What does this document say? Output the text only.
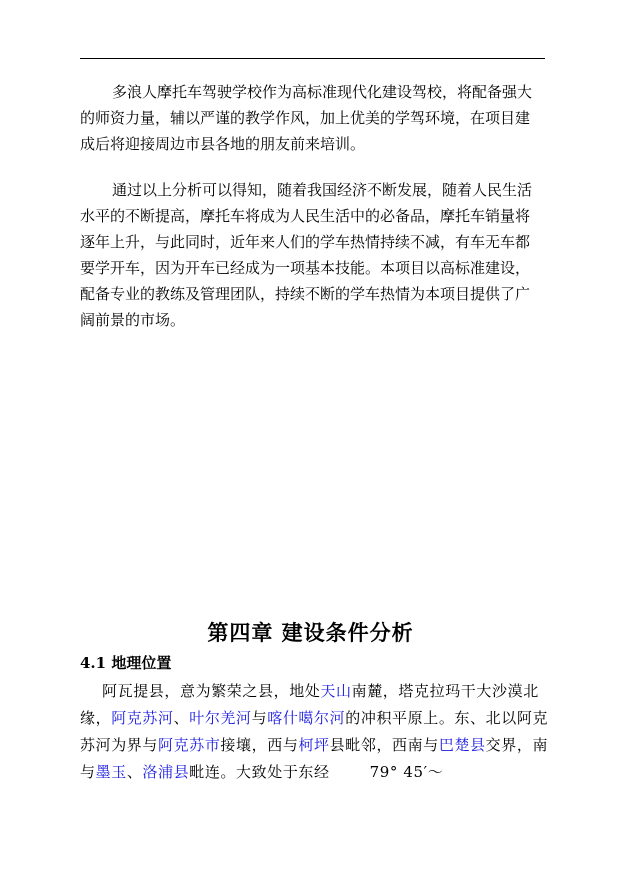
多浪人摩托车驾驶学校作为高标准现代化建设驾校，将配备强大的师资力量，辅以严谨的教学作风，加上优美的学驾环境，在项目建成后将迎接周边市县各地的朋友前来培训。

通过以上分析可以得知，随着我国经济不断发展，随着人民生活水平的不断提高，摩托车将成为人民生活中的必备品，摩托车销量将逐年上升，与此同时，近年来人们的学车热情持续不减，有车无车都要学开车，因为开车已经成为一项基本技能。本项目以高标准建设，配备专业的教练及管理团队，持续不断的学车热情为本项目提供了广阔前景的市场。

第四章 建设条件分析
4.1 地理位置
阿瓦提县，意为繁荣之县，地处天山南麓，塔克拉玛干大沙漠北缘，阿克苏河、叶尔羌河与喀什噶尔河的冲积平原上。东、北以阿克苏河为界与阿克苏市接壤，西与柯坪县毗邻，西南与巴楚县交界，南与墨玉、洛浦县毗连。大致处于东经	79° 45′～
